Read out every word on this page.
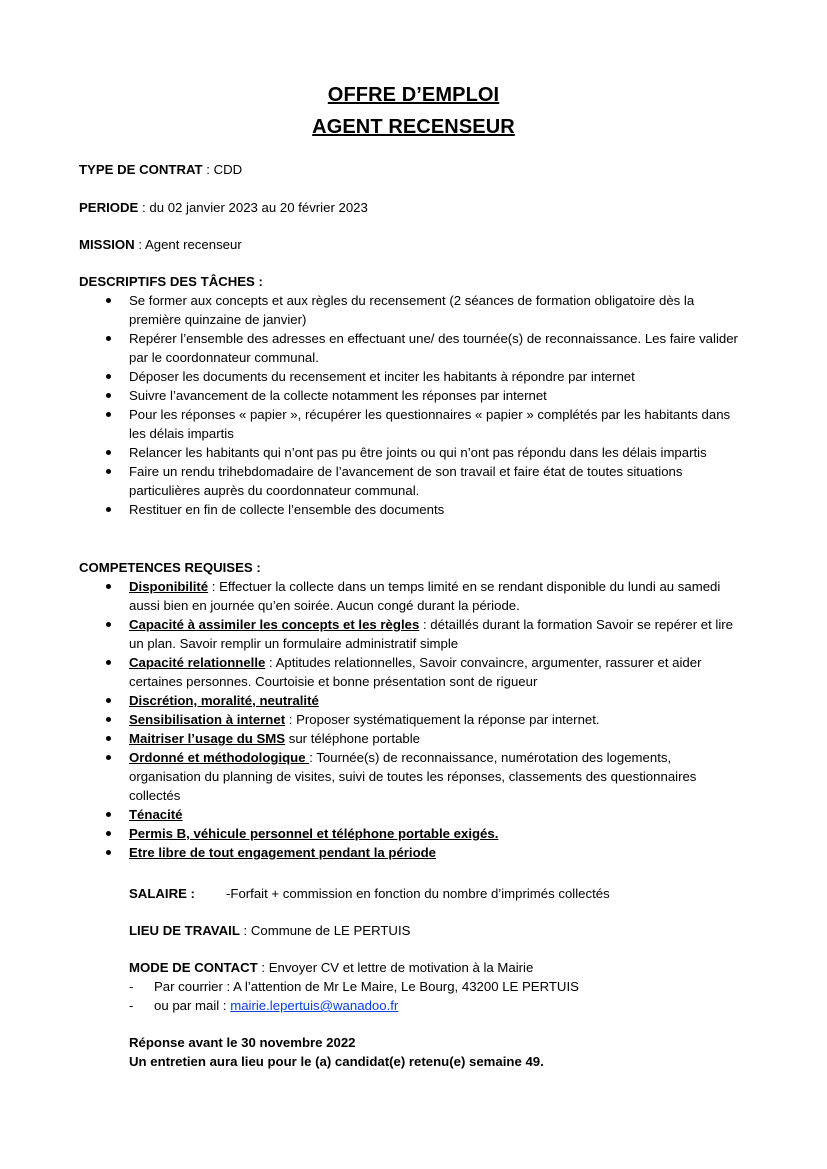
OFFRE D’EMPLOI
AGENT RECENSEUR
TYPE DE CONTRAT : CDD
PERIODE : du 02 janvier 2023 au 20 février 2023
MISSION : Agent recenseur
DESCRIPTIFS DES TÂCHES :
Se former aux concepts et aux règles du recensement (2 séances de formation obligatoire dès la première quinzaine de janvier)
Repérer l’ensemble des adresses en effectuant une/ des tournée(s) de reconnaissance. Les faire valider par le coordonnateur communal.
Déposer les documents du recensement et inciter les habitants à répondre par internet
Suivre l’avancement de la collecte notamment les réponses par internet
Pour les réponses « papier », récupérer les questionnaires « papier » complétés par les habitants dans les délais impartis
Relancer les habitants qui n’ont pas pu être joints ou qui n’ont pas répondu dans les délais impartis
Faire un rendu trihebdomadaire de l’avancement de son travail et faire état de toutes situations particulières auprès du coordonnateur communal.
Restituer en fin de collecte l’ensemble des documents
COMPETENCES REQUISES :
Disponibilité : Effectuer la collecte dans un temps limité en se rendant disponible du lundi au samedi aussi bien en journée qu’en soirée. Aucun congé durant la période.
Capacité à assimiler les concepts et les règles : détaillés durant la formation Savoir se repérer et lire un plan. Savoir remplir un formulaire administratif simple
Capacité relationnelle : Aptitudes relationnelles, Savoir convaincre, argumenter, rassurer et aider certaines personnes. Courtoisie et bonne présentation sont de rigueur
Discrétion, moralité, neutralité
Sensibilisation à internet : Proposer systématiquement la réponse par internet.
Maitriser l’usage du SMS sur téléphone portable
Ordonné et méthodologique : Tournée(s) de reconnaissance, numérotation des logements, organisation du planning de visites, suivi de toutes les réponses, classements des questionnaires collectés
Ténacité
Permis B, véhicule personnel et téléphone portable exigés.
Etre libre de tout engagement pendant la période
SALAIRE : -Forfait + commission en fonction du nombre d’imprimés collectés
LIEU DE TRAVAIL : Commune de LE PERTUIS
MODE DE CONTACT : Envoyer CV et lettre de motivation à la Mairie
- Par courrier : A l’attention de Mr Le Maire, Le Bourg, 43200 LE PERTUIS
- ou par mail : mairie.lepertuis@wanadoo.fr
Réponse avant le 30 novembre 2022
Un entretien aura lieu pour le (a) candidat(e) retenu(e) semaine 49.
